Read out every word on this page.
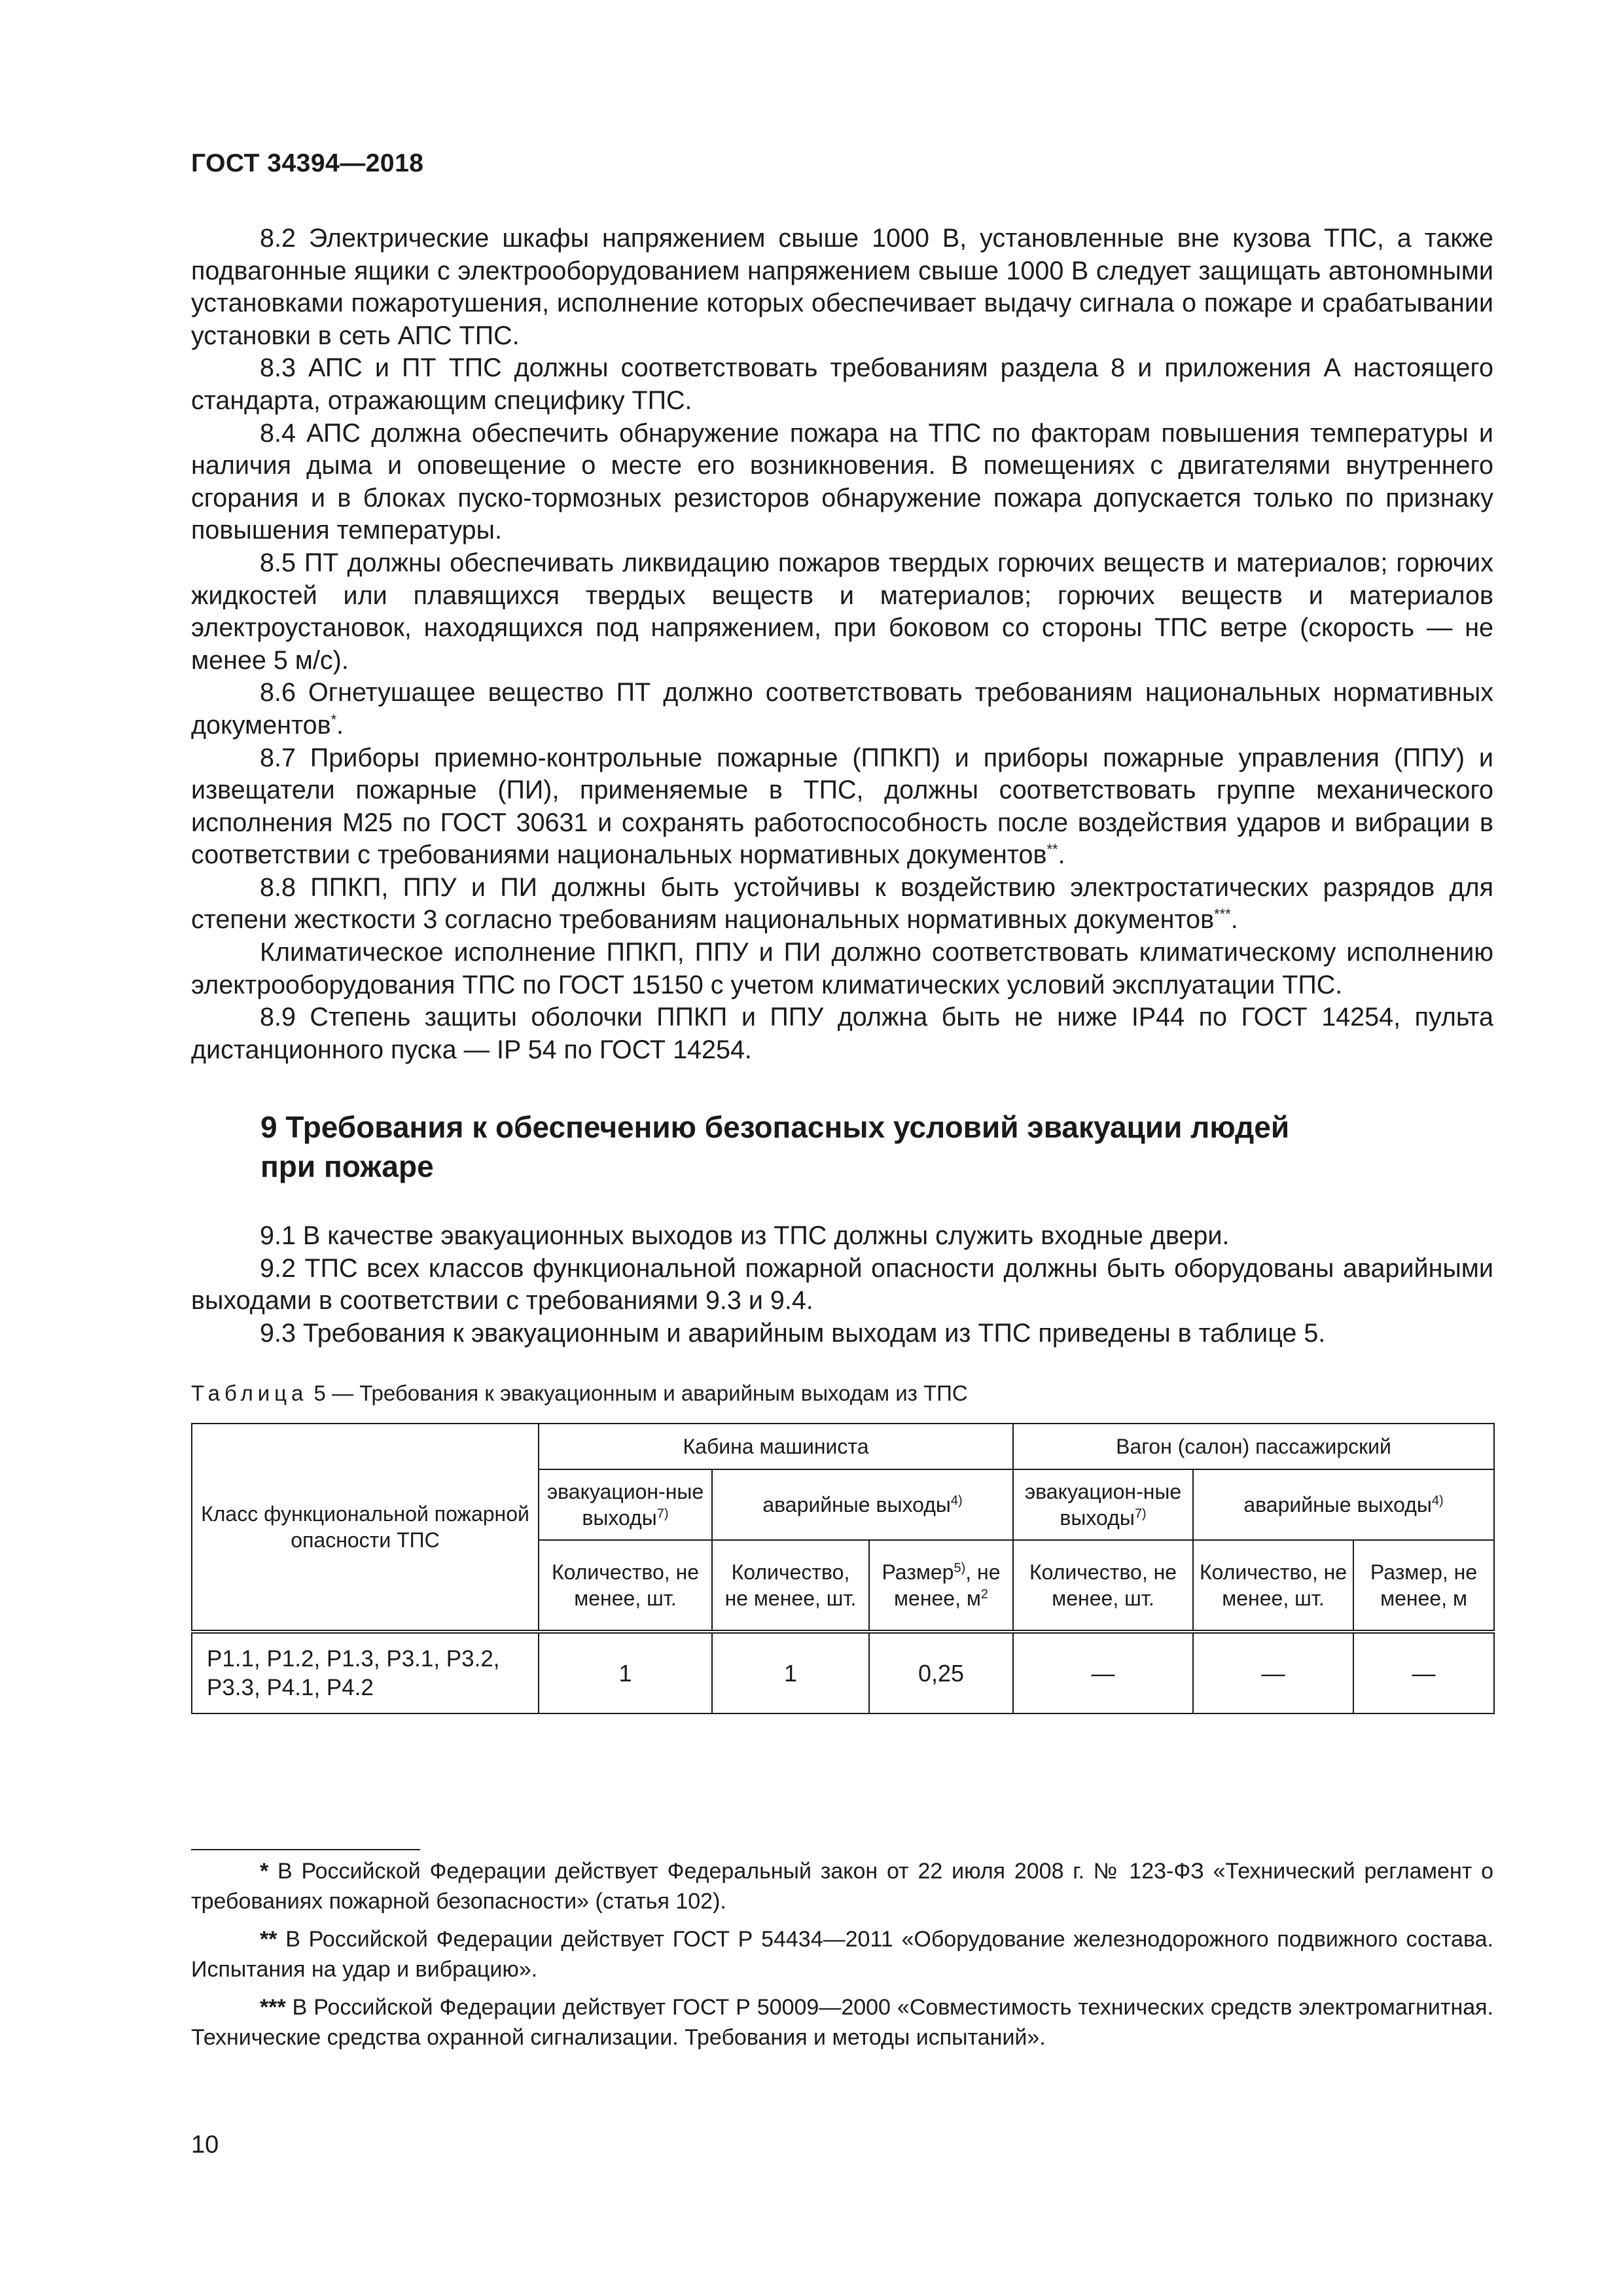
ГОСТ 34394—2018

8.2 Электрические шкафы напряжением свыше 1000 В, установленные вне кузова ТПС, а также подвагонные ящики с электрооборудованием напряжением свыше 1000 В следует защищать автономными установками пожаротушения, исполнение которых обеспечивает выдачу сигнала о пожаре и срабатывании установки в сеть АПС ТПС.

8.3 АПС и ПТ ТПС должны соответствовать требованиям раздела 8 и приложения А настоящего стандарта, отражающим специфику ТПС.

8.4 АПС должна обеспечить обнаружение пожара на ТПС по факторам повышения температуры и наличия дыма и оповещение о месте его возникновения. В помещениях с двигателями внутреннего сгорания и в блоках пуско-тормозных резисторов обнаружение пожара допускается только по признаку повышения температуры.

8.5 ПТ должны обеспечивать ликвидацию пожаров твердых горючих веществ и материалов; горючих жидкостей или плавящихся твердых веществ и материалов; горючих веществ и материалов электроустановок, находящихся под напряжением, при боковом со стороны ТПС ветре (скорость — не менее 5 м/с).

8.6 Огнетушащее вещество ПТ должно соответствовать требованиям национальных нормативных документов*.

8.7 Приборы приемно-контрольные пожарные (ППКП) и приборы пожарные управления (ППУ) и извещатели пожарные (ПИ), применяемые в ТПС, должны соответствовать группе механического исполнения М25 по ГОСТ 30631 и сохранять работоспособность после воздействия ударов и вибрации в соответствии с требованиями национальных нормативных документов**.

8.8 ППКП, ППУ и ПИ должны быть устойчивы к воздействию электростатических разрядов для степени жесткости 3 согласно требованиям национальных нормативных документов***.

Климатическое исполнение ППКП, ППУ и ПИ должно соответствовать климатическому исполнению электрооборудования ТПС по ГОСТ 15150 с учетом климатических условий эксплуатации ТПС.

8.9 Степень защиты оболочки ППКП и ППУ должна быть не ниже IP44 по ГОСТ 14254, пульта дистанционного пуска — IP 54 по ГОСТ 14254.

9 Требования к обеспечению безопасных условий эвакуации людей
при пожаре

9.1 В качестве эвакуационных выходов из ТПС должны служить входные двери.

9.2 ТПС всех классов функциональной пожарной опасности должны быть оборудованы аварийными выходами в соответствии с требованиями 9.3 и 9.4.

9.3 Требования к эвакуационным и аварийным выходам из ТПС приведены в таблице 5.

Таблица 5 — Требования к эвакуационным и аварийным выходам из ТПС
Класс функциональной пожарной опасности ТПС	Кабина машиниста			Вагон (салон) пассажирский		
	эвакуацион-ные выходы$^{7)}$	аварийные выходы$^{4)}$		эвакуацион-ные выходы$^{7)}$	аварийные выходы$^{4)}$
	Количество, не менее, шт.	Количество, не менее, шт.	Размер$^{5)}$, не менее, $м^2$	Количество, не менее, шт.	Количество, не менее, шт.	Размер, не менее, м
Р1.1, Р1.2, Р1.3, Р3.1, Р3.2, Р3.3, Р4.1, Р4.2	1	1	0,25	—	—	—

* В Российской Федерации действует Федеральный закон от 22 июля 2008 г. № 123-ФЗ «Технический регламент о требованиях пожарной безопасности» (статья 102).

** В Российской Федерации действует ГОСТ Р 54434—2011 «Оборудование железнодорожного подвижного состава. Испытания на удар и вибрацию».

*** В Российской Федерации действует ГОСТ Р 50009—2000 «Совместимость технических средств электромагнитная. Технические средства охранной сигнализации. Требования и методы испытаний».

10
